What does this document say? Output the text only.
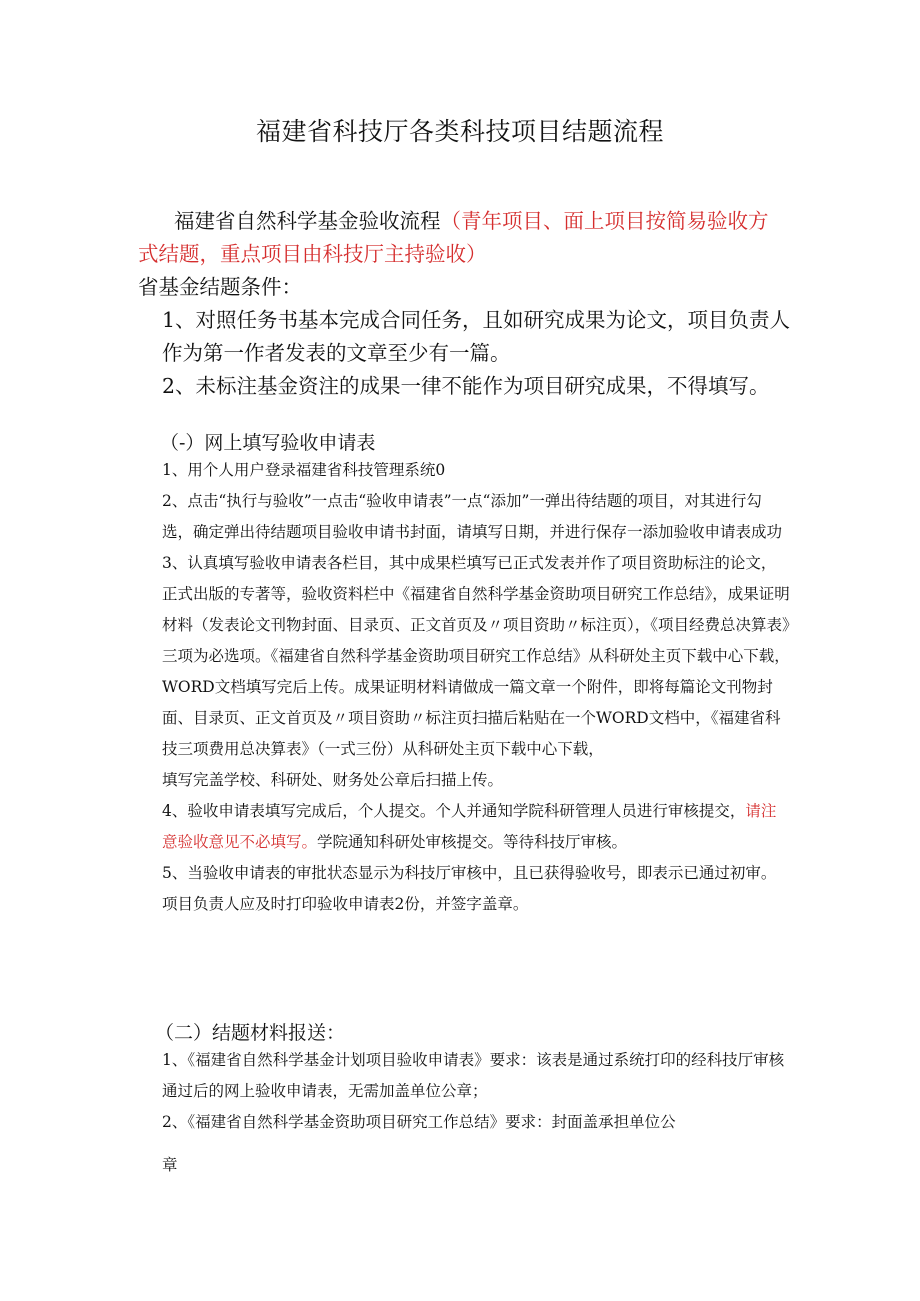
福建省科技厅各类科技项目结题流程
福建省自然科学基金验收流程（青年项目、面上项目按简易验收方式结题，重点项目由科技厅主持验收）
省基金结题条件：
1、对照任务书基本完成合同任务，且如研究成果为论文，项目负责人作为第一作者发表的文章至少有一篇。
2、未标注基金资注的成果一律不能作为项目研究成果，不得填写。
（-）网上填写验收申请表

1、用个人用户登录福建省科技管理系统0

2、点击“执行与验收”一点击“验收申请表”一点“添加”一弹出待结题的项目，对其进行勾选，确定弹出待结题项目验收申请书封面，请填写日期，并进行保存一添加验收申请表成功

3、认真填写验收申请表各栏目，其中成果栏填写已正式发表并作了项目资助标注的论文，正式出版的专著等，验收资料栏中《福建省自然科学基金资助项目研究工作总结》，成果证明材料（发表论文刊物封面、目录页、正文首页及〃项目资助〃标注页），《项目经费总决算表》三项为必选项。《福建省自然科学基金资助项目研究工作总结》从科研处主页下载中心下载，WORD文档填写完后上传。成果证明材料请做成一篇文章一个附件，即将每篇论文刊物封面、目录页、正文首页及〃项目资助〃标注页扫描后粘贴在一个WORD文档中，《福建省科技三项费用总决算表》（一式三份）从科研处主页下载中心下载，

填写完盖学校、科研处、财务处公章后扫描上传。

4、验收申请表填写完成后，个人提交。个人并通知学院科研管理人员进行审核提交，请注意验收意见不必填写。学院通知科研处审核提交。等待科技厅审核。

5、当验收申请表的审批状态显示为科技厅审核中，且已获得验收号，即表示已通过初审。项目负责人应及时打印验收申请表2份，并签字盖章。

（二）结题材料报送：

1、《福建省自然科学基金计划项目验收申请表》要求：该表是通过系统打印的经科技厅审核通过后的网上验收申请表，无需加盖单位公章；

2、《福建省自然科学基金资助项目研究工作总结》要求：封面盖承担单位公

章
